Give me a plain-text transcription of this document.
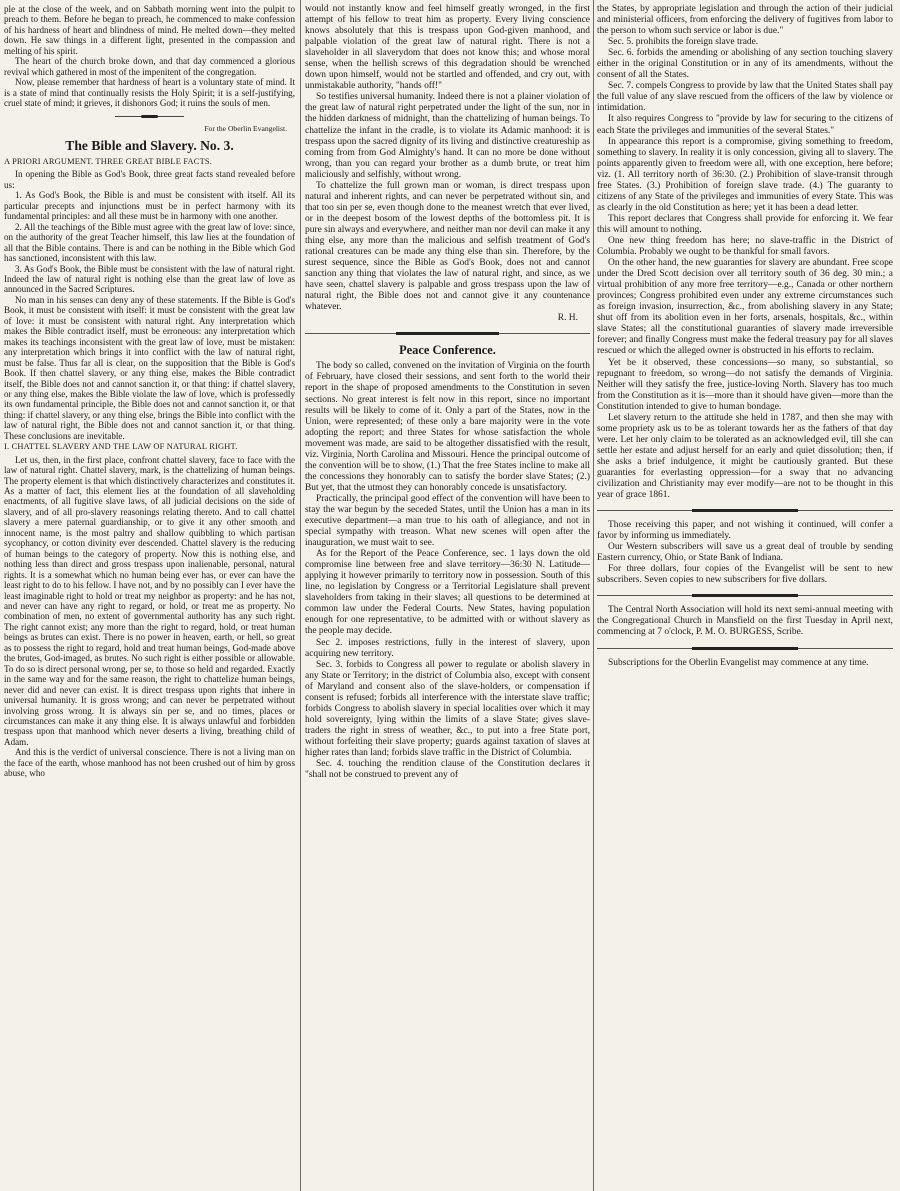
ple at the close of the week, and on Sabbath morning went into the pulpit to preach to them. Before he began to preach, he commenced to make confession of his hardness of heart and blindness of mind. He melted down—they melted down. He saw things in a different light, presented in the compassion and melting of his spirit.

The heart of the church broke down, and that day commenced a glorious revival which gathered in most of the impenitent of the congregation.

Now, please remember that hardness of heart is a voluntary state of mind. It is a state of mind that continually resists the Holy Spirit; it is a self-justifying, cruel state of mind; it grieves, it dishonors God; it ruins the souls of men.

For the Oberlin Evangelist.

The Bible and Slavery. No. 3.

A PRIORI ARGUMENT. THREE GREAT BIBLE FACTS.

In opening the Bible as God's Book, three great facts stand revealed before us:

1. As God's Book, the Bible is and must be consistent with itself. All its particular precepts and injunctions must be in perfect harmony with its fundamental principles: and all these must be in harmony with one another.

2. All the teachings of the Bible must agree with the great law of love: since, on the authority of the great Teacher himself, this law lies at the foundation of all that the Bible contains. There is and can be nothing in the Bible which God has sanctioned, inconsistent with this law.

3. As God's Book, the Bible must be consistent with the law of natural right. Indeed the law of natural right is nothing else than the great law of love as announced in the Sacred Scriptures.

No man in his senses can deny any of these statements. If the Bible is God's Book, it must be consistent with itself: it must be consistent with the great law of love: it must be consistent with natural right. Any interpretation which makes the Bible contradict itself, must be erroneous: any interpretation which makes its teachings inconsistent with the great law of love, must be mistaken: any interpretation which brings it into conflict with the law of natural right, must be false. Thus far all is clear, on the supposition that the Bible is God's Book. If then chattel slavery, or any thing else, makes the Bible contradict itself, the Bible does not and cannot sanction it, or that thing: if chattel slavery, or any thing else, makes the Bible violate the law of love, which is professedly its own fundamental principle, the Bible does not and cannot sanction it, or that thing: if chattel slavery, or any thing else, brings the Bible into conflict with the law of natural right, the Bible does not and cannot sanction it, or that thing. These conclusions are inevitable.

I. CHATTEL SLAVERY AND THE LAW OF NATURAL RIGHT.

Let us, then, in the first place, confront chattel slavery, face to face with the law of natural right. Chattel slavery, mark, is the chattelizing of human beings. The property element is that which distinctively characterizes and constitutes it. As a matter of fact, this element lies at the foundation of all slaveholding enactments, of all fugitive slave laws, of all judicial decisions on the side of slavery, and of all pro-slavery reasonings relating thereto. And to call chattel slavery a mere paternal guardianship, or to give it any other smooth and innocent name, is the most paltry and shallow quibbling to which partisan sycophancy, or cotton divinity ever descended. Chattel slavery is the reducing of human beings to the category of property. Now this is nothing else, and nothing less than direct and gross trespass upon inalienable, personal, natural rights. It is a somewhat which no human being ever has, or ever can have the least right to do to his fellow. I have not, and by no possibly can I ever have the least imaginable right to hold or treat my neighbor as property: and he has not, and never can have any right to regard, or hold, or treat me as property. No combination of men, no extent of governmental authority has any such right. The right cannot exist; any more than the right to regard, hold, or treat human beings as brutes can exist. There is no power in heaven, earth, or hell, so great as to possess the right to regard, hold and treat human beings, God-made above the brutes, God-imaged, as brutes. No such right is either possible or allowable. To do so is direct personal wrong, per se, to those so held and regarded. Exactly in the same way and for the same reason, the right to chattelize human beings, never did and never can exist. It is direct trespass upon rights that inhere in universal humanity. It is gross wrong; and can never be perpetrated without involving gross wrong. It is always sin per se, and no times, places or circumstances can make it any thing else. It is always unlawful and forbidden trespass upon that manhood which never deserts a living, breathing child of Adam.

And this is the verdict of universal conscience. There is not a living man on the face of the earth, whose manhood has not been crushed out of him by gross abuse, who

would not instantly know and feel himself greatly wronged, in the first attempt of his fellow to treat him as property. Every living conscience knows absolutely that this is trespass upon God-given manhood, and palpable violation of the great law of natural right. There is not a slaveholder in all slaverydom that does not know this; and whose moral sense, when the hellish screws of this degradation should be wrenched down upon himself, would not be startled and offended, and cry out, with unmistakable authority, "hands off!"

So testifies universal humanity. Indeed there is not a plainer violation of the great law of natural right perpetrated under the light of the sun, nor in the hidden darkness of midnight, than the chattelizing of human beings. To chattelize the infant in the cradle, is to violate its Adamic manhood: it is trespass upon the sacred dignity of its living and distinctive creatureship as coming from from God Almighty's hand. It can no more be done without wrong, than you can regard your brother as a dumb brute, or treat him maliciously and selfishly, without wrong.

To chattelize the full grown man or woman, is direct trespass upon natural and inherent rights, and can never be perpetrated without sin, and that too sin per se, even though done to the meanest wretch that ever lived, or in the deepest bosom of the lowest depths of the bottomless pit. It is pure sin always and everywhere, and neither man nor devil can make it any thing else, any more than the malicious and selfish treatment of God's rational creatures can be made any thing else than sin. Therefore, by the surest sequence, since the Bible as God's Book, does not and cannot sanction any thing that violates the law of natural right, and since, as we have seen, chattel slavery is palpable and gross trespass upon the law of natural right, the Bible does not and cannot give it any countenance whatever.

R. H.

Peace Conference.

The body so called, convened on the invitation of Virginia on the fourth of February, have closed their sessions, and sent forth to the world their report in the shape of proposed amendments to the Constitution in seven sections. No great interest is felt now in this report, since no important results will be likely to come of it. Only a part of the States, now in the Union, were represented; of these only a bare majority were in the vote adopting the report; and three States for whose satisfaction the whole movement was made, are said to be altogether dissatisfied with the result, viz. Virginia, North Carolina and Missouri. Hence the principal outcome of the convention will be to show, (1.) That the free States incline to make all the concessions they honorably can to satisfy the border slave States; (2.) But yet, that the utmost they can honorably concede is unsatisfactory.

Practically, the principal good effect of the convention will have been to stay the war begun by the seceded States, until the Union has a man in its executive department—a man true to his oath of allegiance, and not in special sympathy with treason. What new scenes will open after the inauguration, we must wait to see.

As for the Report of the Peace Conference, sec. 1 lays down the old compromise line between free and slave territory—36:30 N. Latitude—applying it however primarily to territory now in possession. South of this line, no legislation by Congress or a Territorial Legislature shall prevent slaveholders from taking in their slaves; all questions to be determined at common law under the Federal Courts. New States, having population enough for one representative, to be admitted with or without slavery as the people may decide.

Sec 2. imposes restrictions, fully in the interest of slavery, upon acquiring new territory.

Sec. 3. forbids to Congress all power to regulate or abolish slavery in any State or Territory; in the district of Columbia also, except with consent of Maryland and consent also of the slave-holders, or compensation if consent is refused; forbids all interference with the interstate slave traffic; forbids Congress to abolish slavery in special localities over which it may hold sovereignty, lying within the limits of a slave State; gives slave-traders the right in stress of weather, &c., to put into a free State port, without forfeiting their slave property; guards against taxation of slaves at higher rates than land; forbids slave traffic in the District of Columbia.

Sec. 4. touching the rendition clause of the Constitution declares it "shall not be construed to prevent any of

the States, by appropriate legislation and through the action of their judicial and ministerial officers, from enforcing the delivery of fugitives from labor to the person to whom such service or labor is due."

Sec. 5. prohibits the foreign slave trade.

Sec. 6. forbids the amending or abolishing of any section touching slavery either in the original Constitution or in any of its amendments, without the consent of all the States.

Sec. 7. compels Congress to provide by law that the United States shall pay the full value of any slave rescued from the officers of the law by violence or intimidation.

It also requires Congress to "provide by law for securing to the citizens of each State the privileges and immunities of the several States."

In appearance this report is a compromise, giving something to freedom, something to slavery. In reality it is only concession, giving all to slavery. The points apparently given to freedom were all, with one exception, here before; viz. (1. All territory north of 36:30. (2.) Prohibition of slave-transit through free States. (3.) Prohibition of foreign slave trade. (4.) The guaranty to citizens of any State of the privileges and immunities of every State. This was as clearly in the old Constitution as here; yet it has been a dead letter.

This report declares that Congress shall provide for enforcing it. We fear this will amount to nothing.

One new thing freedom has here; no slave-traffic in the District of Columbia. Probably we ought to be thankful for small favors.

On the other hand, the new guaranties for slavery are abundant. Free scope under the Dred Scott decision over all territory south of 36 deg. 30 min.; a virtual prohibition of any more free territory—e.g., Canada or other northern provinces; Congress prohibited even under any extreme circumstances such as foreign invasion, insurrection, &c., from abolishing slavery in any State; shut off from its abolition even in her forts, arsenals, hospitals, &c., within slave States; all the constitutional guaranties of slavery made irreversible forever; and finally Congress must make the federal treasury pay for all slaves rescued or which the alleged owner is obstructed in his efforts to reclaim.

Yet be it observed, these concessions—so many, so substantial, so repugnant to freedom, so wrong—do not satisfy the demands of Virginia. Neither will they satisfy the free, justice-loving North. Slavery has too much from the Constitution as it is—more than it should have given—more than the Constitution intended to give to human bondage.

Let slavery return to the attitude she held in 1787, and then she may with some propriety ask us to be as tolerant towards her as the fathers of that day were. Let her only claim to be tolerated as an acknowledged evil, till she can settle her estate and adjust herself for an early and quiet dissolution; then, if she asks a brief indulgence, it might be cautiously granted. But these guaranties for everlasting oppression—for a sway that no advancing civilization and Christianity may ever modify—are not to be thought in this year of grace 1861.

Those receiving this paper, and not wishing it continued, will confer a favor by informing us immediately.

Our Western subscribers will save us a great deal of trouble by sending Eastern currency, Ohio, or State Bank of Indiana.

For three dollars, four copies of the Evangelist will be sent to new subscribers. Seven copies to new subscribers for five dollars.

The Central North Association will hold its next semi-annual meeting with the Congregational Church in Mansfield on the first Tuesday in April next, commencing at 7 o'clock, P. M. O. BURGESS, Scribe.

Subscriptions for the Oberlin Evangelist may commence at any time.
